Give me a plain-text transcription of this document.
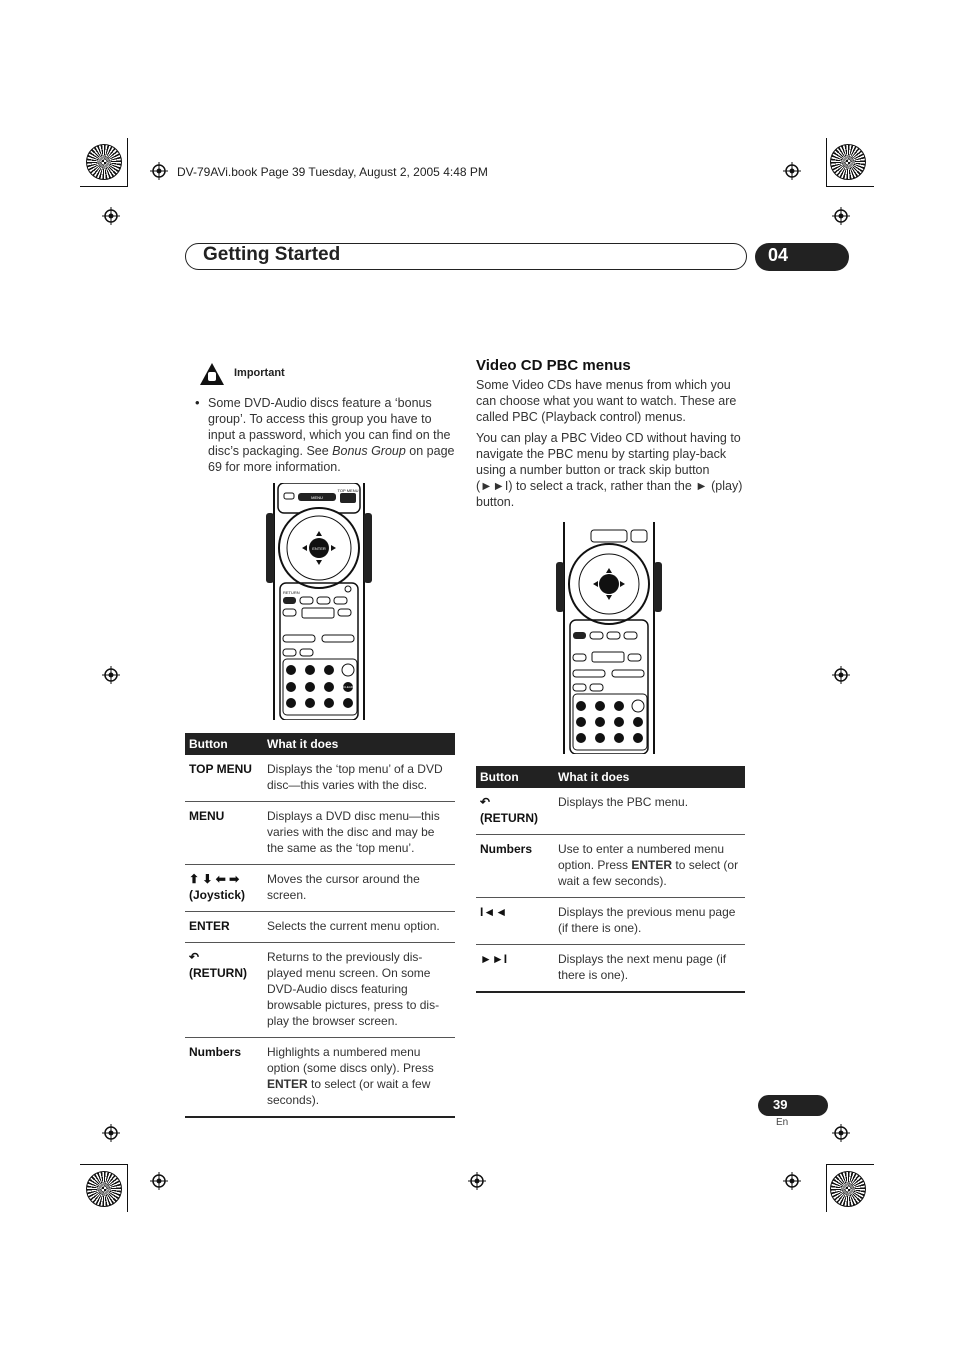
DV-79AVi.book Page 39 Tuesday, August 2, 2005 4:48 PM
Getting Started	04
Important
• Some DVD-Audio discs feature a ‘bonus group’. To access this group you have to input a password, which you can find on the disc’s packaging. See Bonus Group on page 69 for more information.
MENU
TOP MENU
ENTER
RETURN
CLEAR
Button	What it does
TOP MENU	Displays the ‘top menu’ of a DVD disc—this varies with the disc.
MENU	Displays a DVD disc menu—this varies with the disc and may be the same as the ‘top menu’.

⬆ ⬇ ⬅ ➡
(Joystick)	Moves the cursor around the screen.
ENTER	Selects the current menu option.

↶
(RETURN)	Returns to the previously dis-played menu screen. On some DVD-Audio discs featuring browsable pictures, press to dis-play the browser screen.
Numbers	Highlights a numbered menu option (some discs only). Press ENTER to select (or wait a few seconds).
Video CD PBC menus
Some Video CDs have menus from which you can choose what you want to watch. These are called PBC (Playback control) menus.
You can play a PBC Video CD without having to navigate the PBC menu by starting play-back using a number button or track skip button (►►I) to select a track, rather than the ► (play) button.
Button	What it does

↶
(RETURN)	Displays the PBC menu.
Numbers	Use to enter a numbered menu option. Press ENTER to select (or wait a few seconds).
I◄◄	Displays the previous menu page (if there is one).
►►I	Displays the next menu page (if there is one).
39
En
